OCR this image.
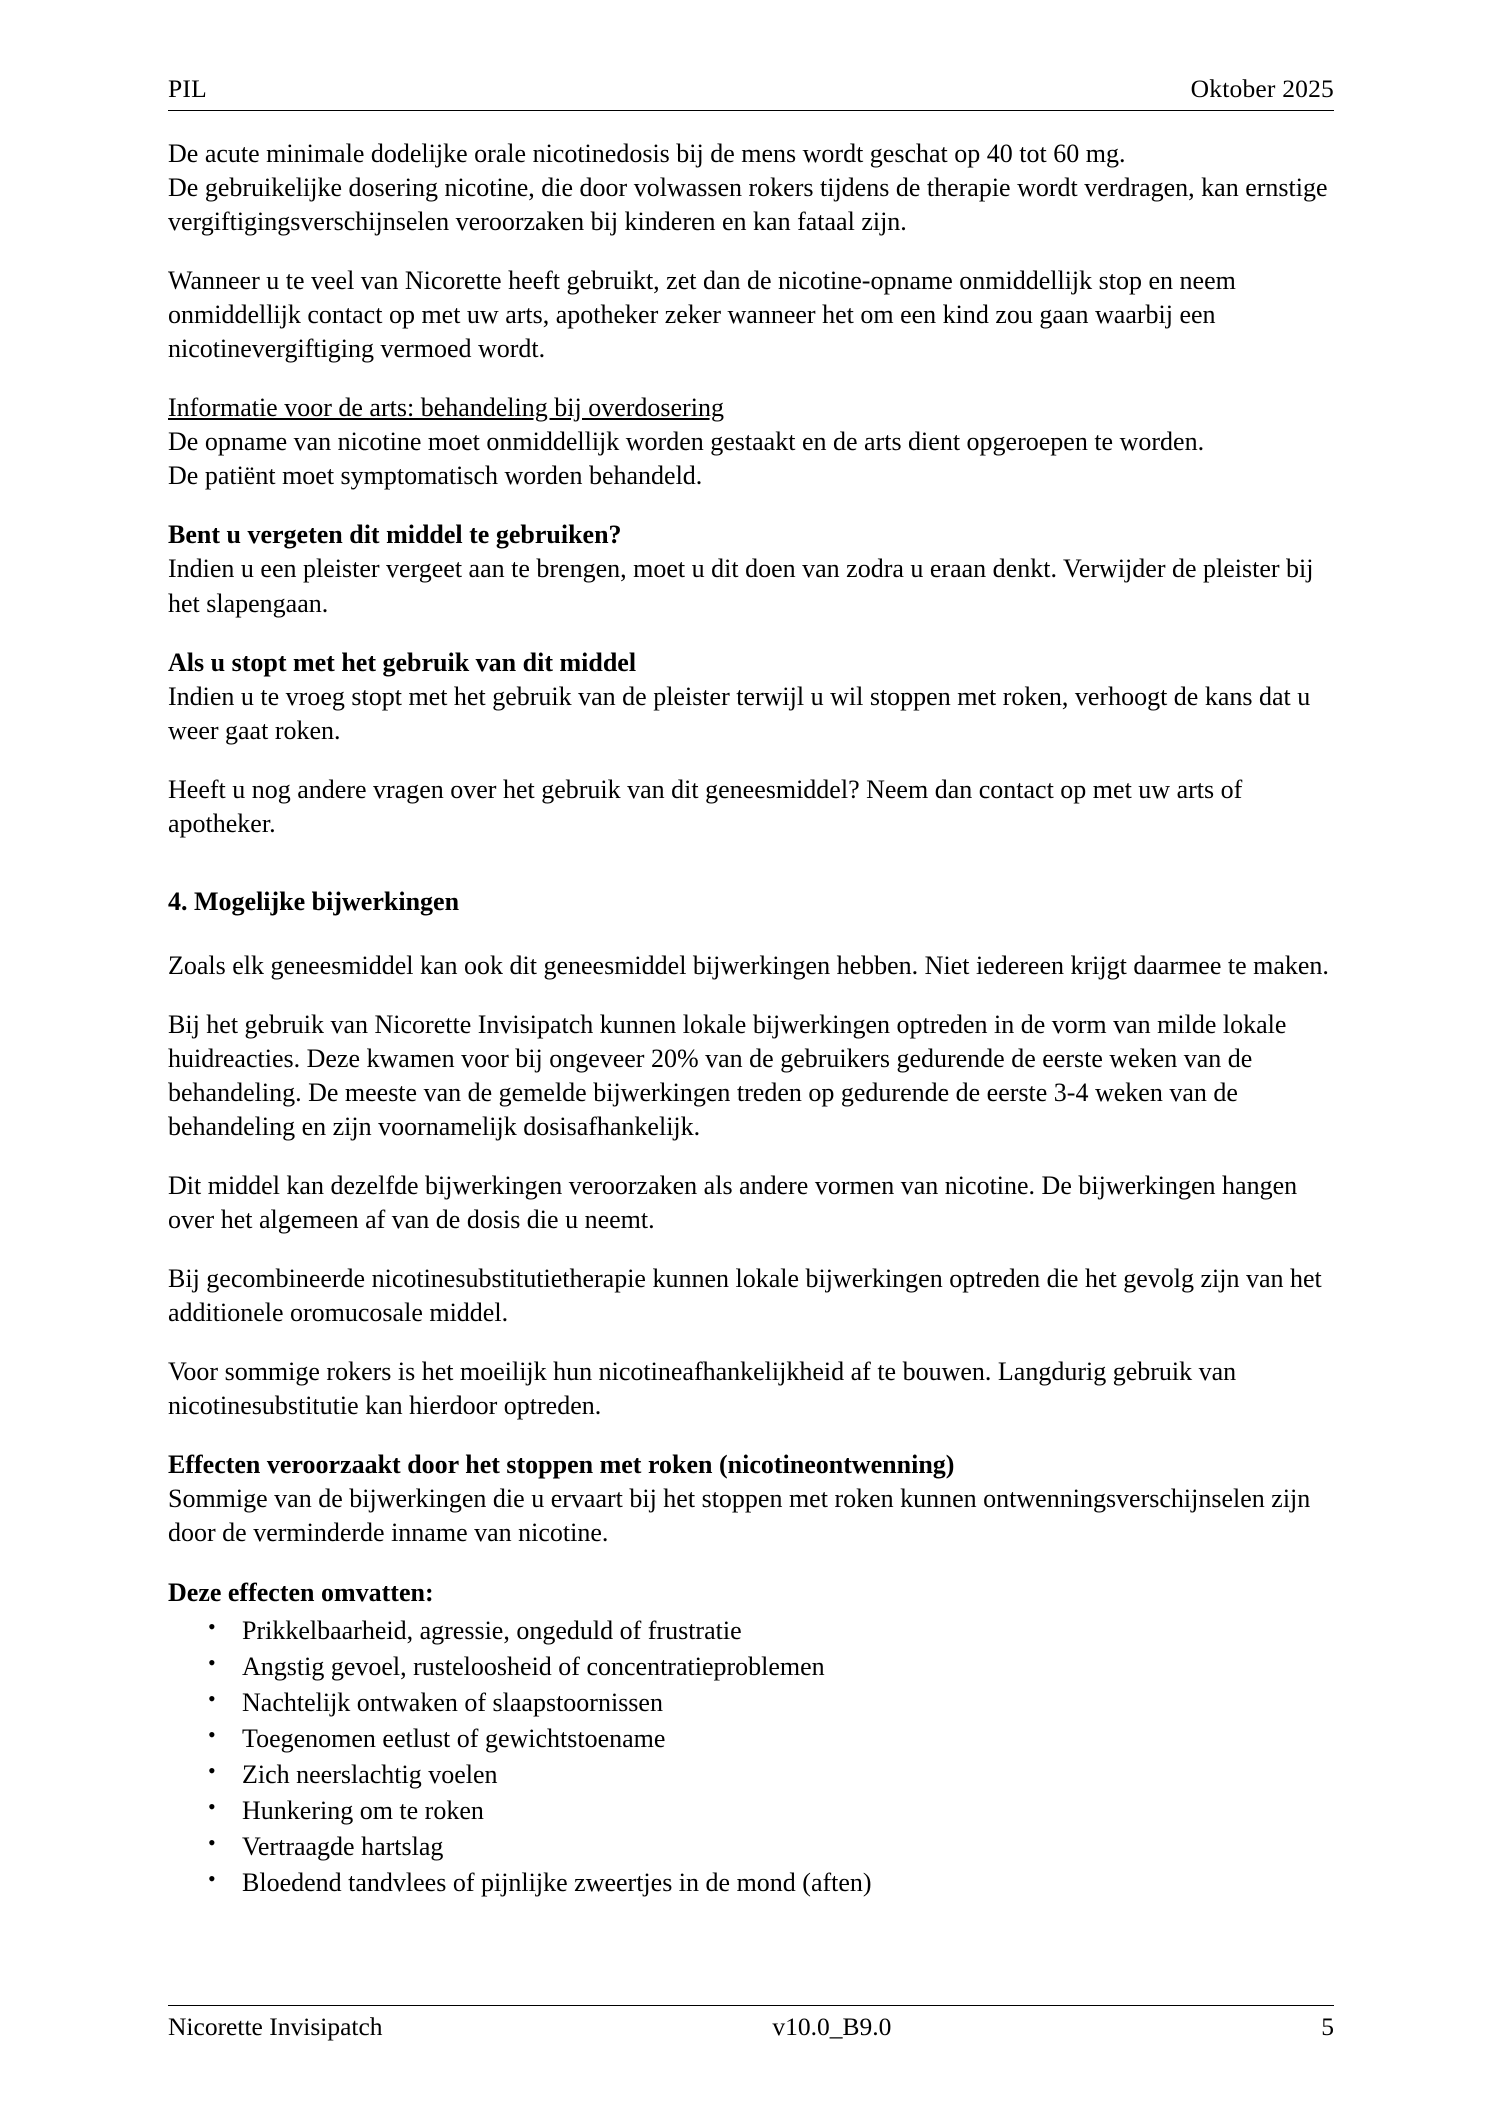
PIL	Oktober 2025

De acute minimale dodelijke orale nicotinedosis bij de mens wordt geschat op 40 tot 60 mg.

De gebruikelijke dosering nicotine, die door volwassen rokers tijdens de therapie wordt verdragen, kan ernstige vergiftigingsverschijnselen veroorzaken bij kinderen en kan fataal zijn.

Wanneer u te veel van Nicorette heeft gebruikt, zet dan de nicotine-opname onmiddellijk stop en neem onmiddellijk contact op met uw arts, apotheker zeker wanneer het om een kind zou gaan waarbij een nicotinevergiftiging vermoed wordt.

Informatie voor de arts: behandeling bij overdosering

De opname van nicotine moet onmiddellijk worden gestaakt en de arts dient opgeroepen te worden.

De patiënt moet symptomatisch worden behandeld.

Bent u vergeten dit middel te gebruiken?

Indien u een pleister vergeet aan te brengen, moet u dit doen van zodra u eraan denkt. Verwijder de pleister bij het slapengaan.

Als u stopt met het gebruik van dit middel

Indien u te vroeg stopt met het gebruik van de pleister terwijl u wil stoppen met roken, verhoogt de kans dat u weer gaat roken.

Heeft u nog andere vragen over het gebruik van dit geneesmiddel? Neem dan contact op met uw arts of apotheker.

4. Mogelijke bijwerkingen

Zoals elk geneesmiddel kan ook dit geneesmiddel bijwerkingen hebben. Niet iedereen krijgt daarmee te maken.

Bij het gebruik van Nicorette Invisipatch kunnen lokale bijwerkingen optreden in de vorm van milde lokale huidreacties. Deze kwamen voor bij ongeveer 20% van de gebruikers gedurende de eerste weken van de behandeling. De meeste van de gemelde bijwerkingen treden op gedurende de eerste 3-4 weken van de behandeling en zijn voornamelijk dosisafhankelijk.

Dit middel kan dezelfde bijwerkingen veroorzaken als andere vormen van nicotine. De bijwerkingen hangen over het algemeen af van de dosis die u neemt.

Bij gecombineerde nicotinesubstitutietherapie kunnen lokale bijwerkingen optreden die het gevolg zijn van het additionele oromucosale middel.

Voor sommige rokers is het moeilijk hun nicotineafhankelijkheid af te bouwen. Langdurig gebruik van nicotinesubstitutie kan hierdoor optreden.

Effecten veroorzaakt door het stoppen met roken (nicotineontwenning)

Sommige van de bijwerkingen die u ervaart bij het stoppen met roken kunnen ontwenningsverschijnselen zijn door de verminderde inname van nicotine.

Deze effecten omvatten:

• Prikkelbaarheid, agressie, ongeduld of frustratie
• Angstig gevoel, rusteloosheid of concentratieproblemen
• Nachtelijk ontwaken of slaapstoornissen
• Toegenomen eetlust of gewichtstoename
• Zich neerslachtig voelen
• Hunkering om te roken
• Vertraagde hartslag
• Bloedend tandvlees of pijnlijke zweertjes in de mond (aften)
Nicorette Invisipatch	v10.0_B9.0	5
